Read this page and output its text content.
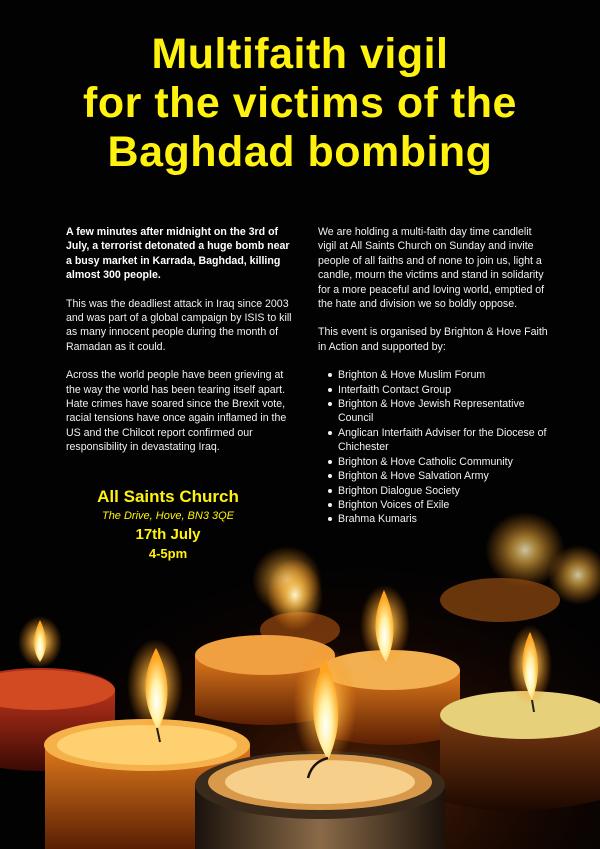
Multifaith vigil
for the victims of the
Baghdad bombing

A few minutes after midnight on the 3rd of July, a terrorist detonated a huge bomb near a busy market in Karrada, Baghdad, killing almost 300 people.

This was the deadliest attack in Iraq since 2003 and was part of a global campaign by ISIS to kill as many innocent people during the month of Ramadan as it could.

Across the world people have been grieving at the way the world has been tearing itself apart. Hate crimes have soared since the Brexit vote, racial tensions have once again inflamed in the US and the Chilcot report confirmed our responsibility in devastating Iraq.

We are holding a multi-faith day time candlelit vigil at All Saints Church on Sunday and invite people of all faiths and of none to join us, light a candle, mourn the victims and stand in solidarity for a more peaceful and loving world, emptied of the hate and division we so boldly oppose.

This event is organised by Brighton & Hove Faith in Action and supported by:

Brighton & Hove Muslim Forum
Interfaith Contact Group
Brighton & Hove Jewish Representative Council
Anglican Interfaith Adviser for the Diocese of Chichester
Brighton & Hove Catholic Community
Brighton & Hove Salvation Army
Brighton Dialogue Society
Brighton Voices of Exile
Brahma Kumaris
All Saints Church
The Drive, Hove, BN3 3QE
17th July
4-5pm
